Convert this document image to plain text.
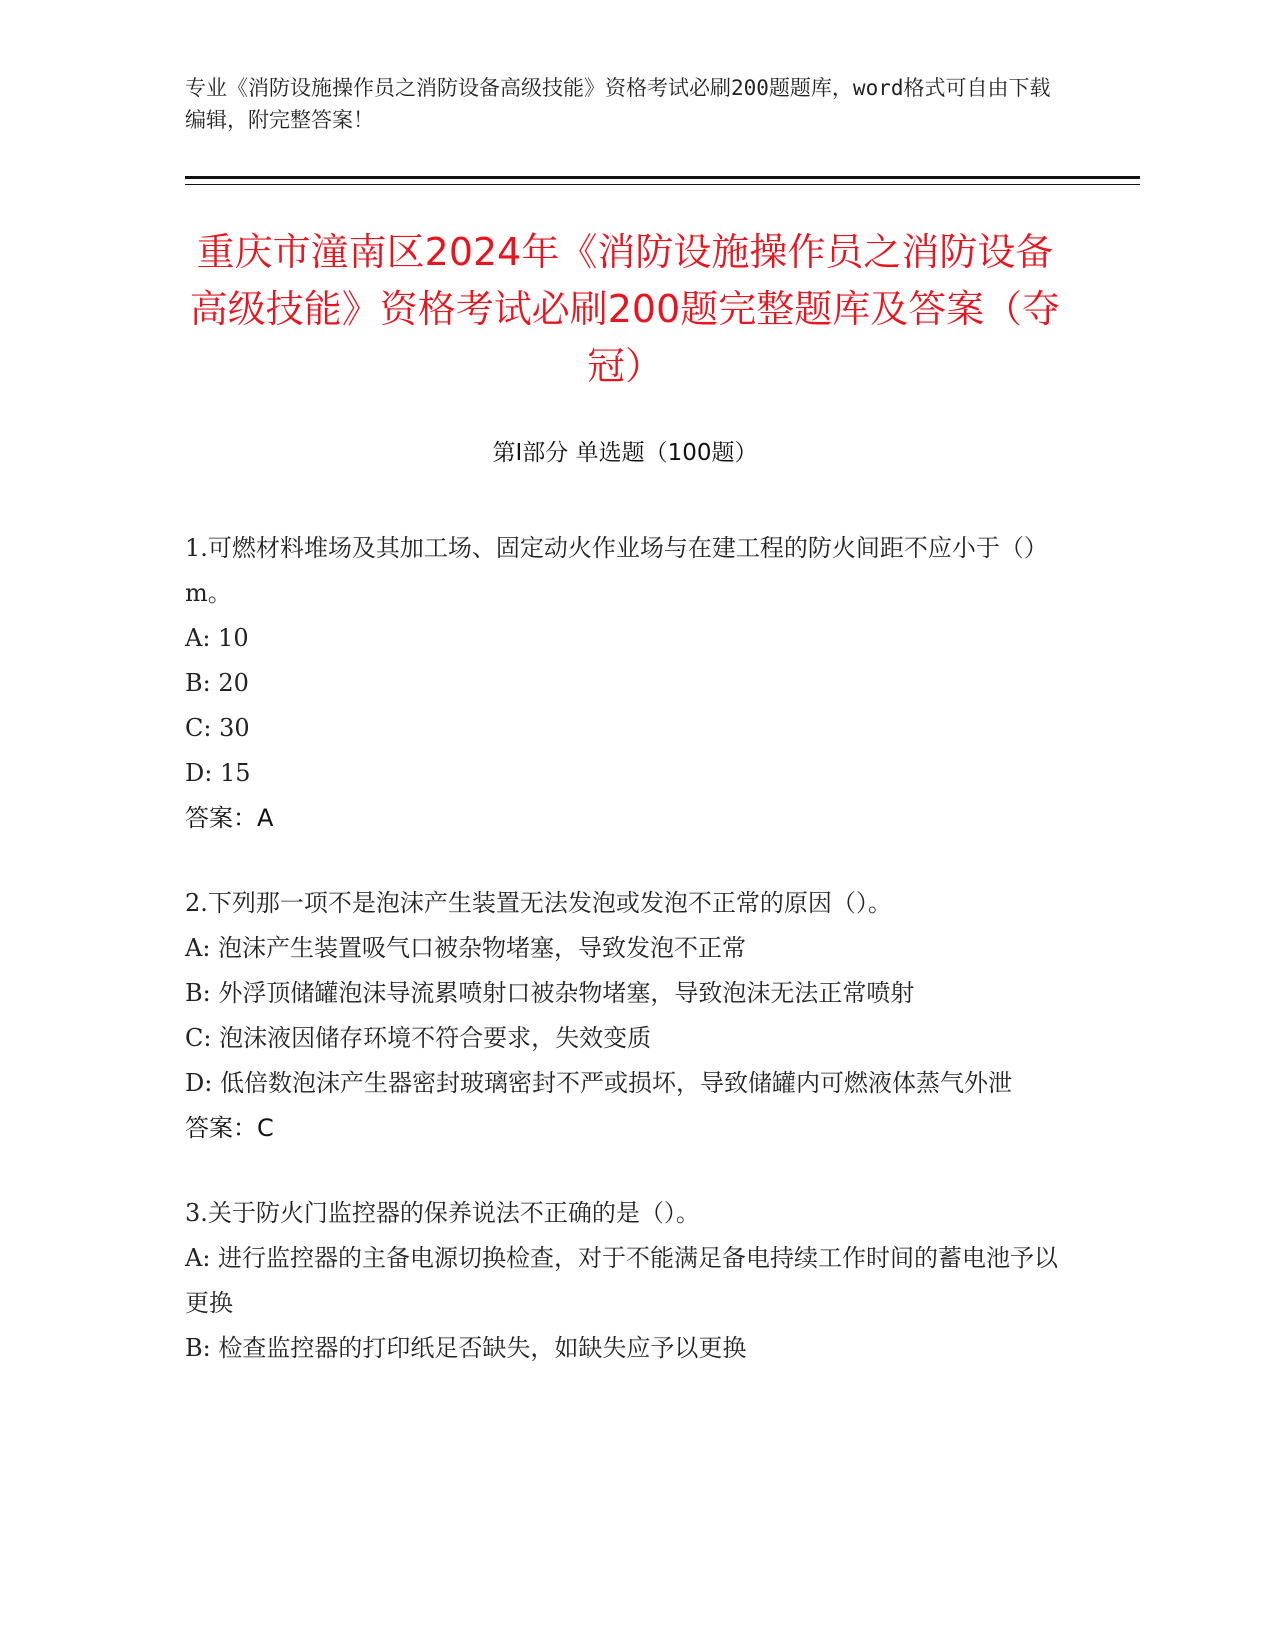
专业《消防设施操作员之消防设备高级技能》资格考试必刷200题题库，word格式可自由下载编辑，附完整答案！
重庆市潼南区2024年《消防设施操作员之消防设备高级技能》资格考试必刷200题完整题库及答案（夺冠）
第I部分 单选题（100题）

1.可燃材料堆场及其加工场、固定动火作业场与在建工程的防火间距不应小于（）m。

A: 10

B: 20

C: 30

D: 15

答案：A

2.下列那一项不是泡沫产生装置无法发泡或发泡不正常的原因（）。

A: 泡沫产生装置吸气口被杂物堵塞，导致发泡不正常

B: 外浮顶储罐泡沫导流累喷射口被杂物堵塞，导致泡沫无法正常喷射

C: 泡沫液因储存环境不符合要求，失效变质

D: 低倍数泡沫产生器密封玻璃密封不严或损坏，导致储罐内可燃液体蒸气外泄

答案：C

3.关于防火门监控器的保养说法不正确的是（）。

A: 进行监控器的主备电源切换检查，对于不能满足备电持续工作时间的蓄电池予以更换

B: 检查监控器的打印纸足否缺失，如缺失应予以更换
